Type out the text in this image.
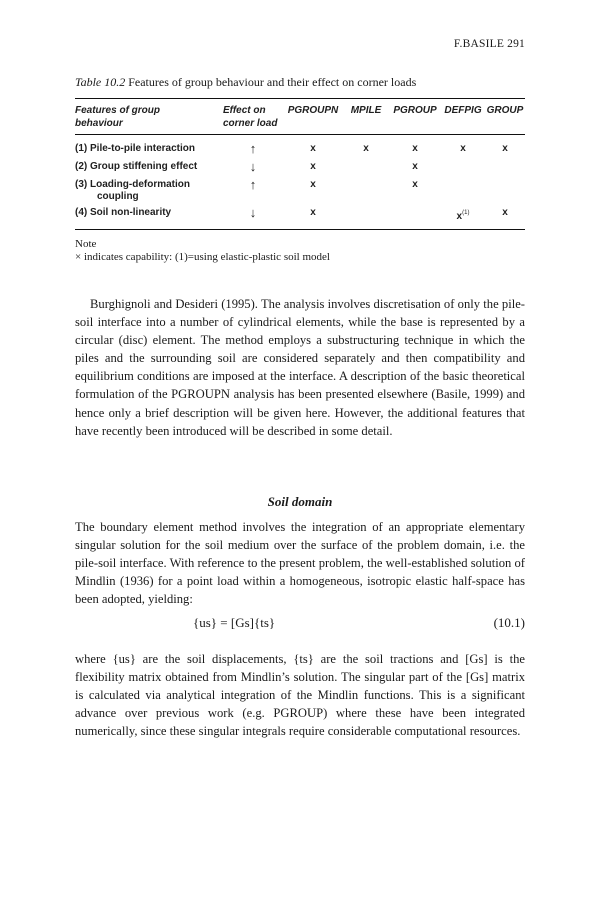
F.BASILE 291
Table 10.2 Features of group behaviour and their effect on corner loads
Features of group
behaviour	Effect on
corner load	PGROUPN	MPILE	PGROUP	DEFPIG	GROUP

(1) Pile-to-pile interaction	↑	x	x	x	x	x

(2) Group stiffening effect	↓	x		x		

(3) Loading-deformation
coupling	↑	x		x		

(4) Soil non-linearity	↓	x			x$^{(1)}$	x
Note
× indicates capability: (1)=using elastic-plastic soil model

Burghignoli and Desideri (1995). The analysis involves discretisation of only the pile-soil interface into a number of cylindrical elements, while the base is represented by a circular (disc) element. The method employs a substructuring technique in which the piles and the surrounding soil are considered separately and then compatibility and equilibrium conditions are imposed at the interface. A description of the basic theoretical formulation of the PGROUPN analysis has been presented elsewhere (Basile, 1999) and hence only a brief description will be given here. However, the additional features that have recently been introduced will be described in some detail.

Soil domain

The boundary element method involves the integration of an appropriate elementary singular solution for the soil medium over the surface of the problem domain, i.e. the pile-soil interface. With reference to the present problem, the well-established solution of Mindlin (1936) for a point load within a homogeneous, isotropic elastic half-space has been adopted, yielding:

{us} = [Gs]{ts}	(10.1)

where {us} are the soil displacements, {ts} are the soil tractions and [Gs] is the flexibility matrix obtained from Mindlin’s solution. The singular part of the [Gs] matrix is calculated via analytical integration of the Mindlin functions. This is a significant advance over previous work (e.g. PGROUP) where these have been integrated numerically, since these singular integrals require considerable computational resources.
